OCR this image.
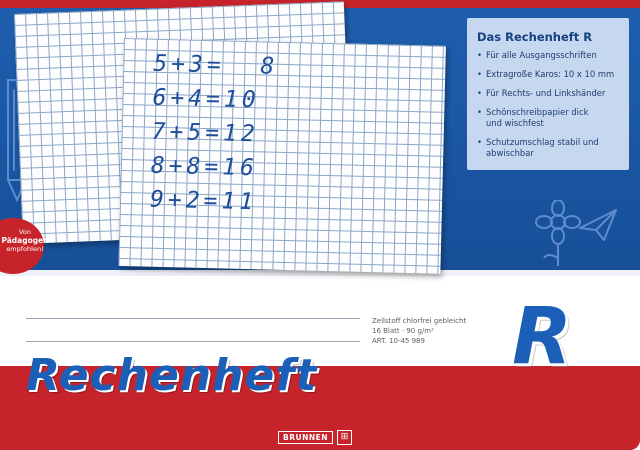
5+3=  8
6+4=10
7+5=12
8+8=16
9+2=11
Von
Pädagogen
empfohlen!
Das Rechenheft R
• Für alle Ausgangsschriften
• Extragroße Karos: 10 x 10 mm
• Für Rechts- und Linkshänder
• Schönschreibpapier dick und wischfest
• Schutzumschlag stabil und abwischbar
Zellstoff chlorfrei gebleicht
16 Blatt · 90 g/m²
ART. 10-45 989
Rechenheft R
BRUNNEN	⊞
